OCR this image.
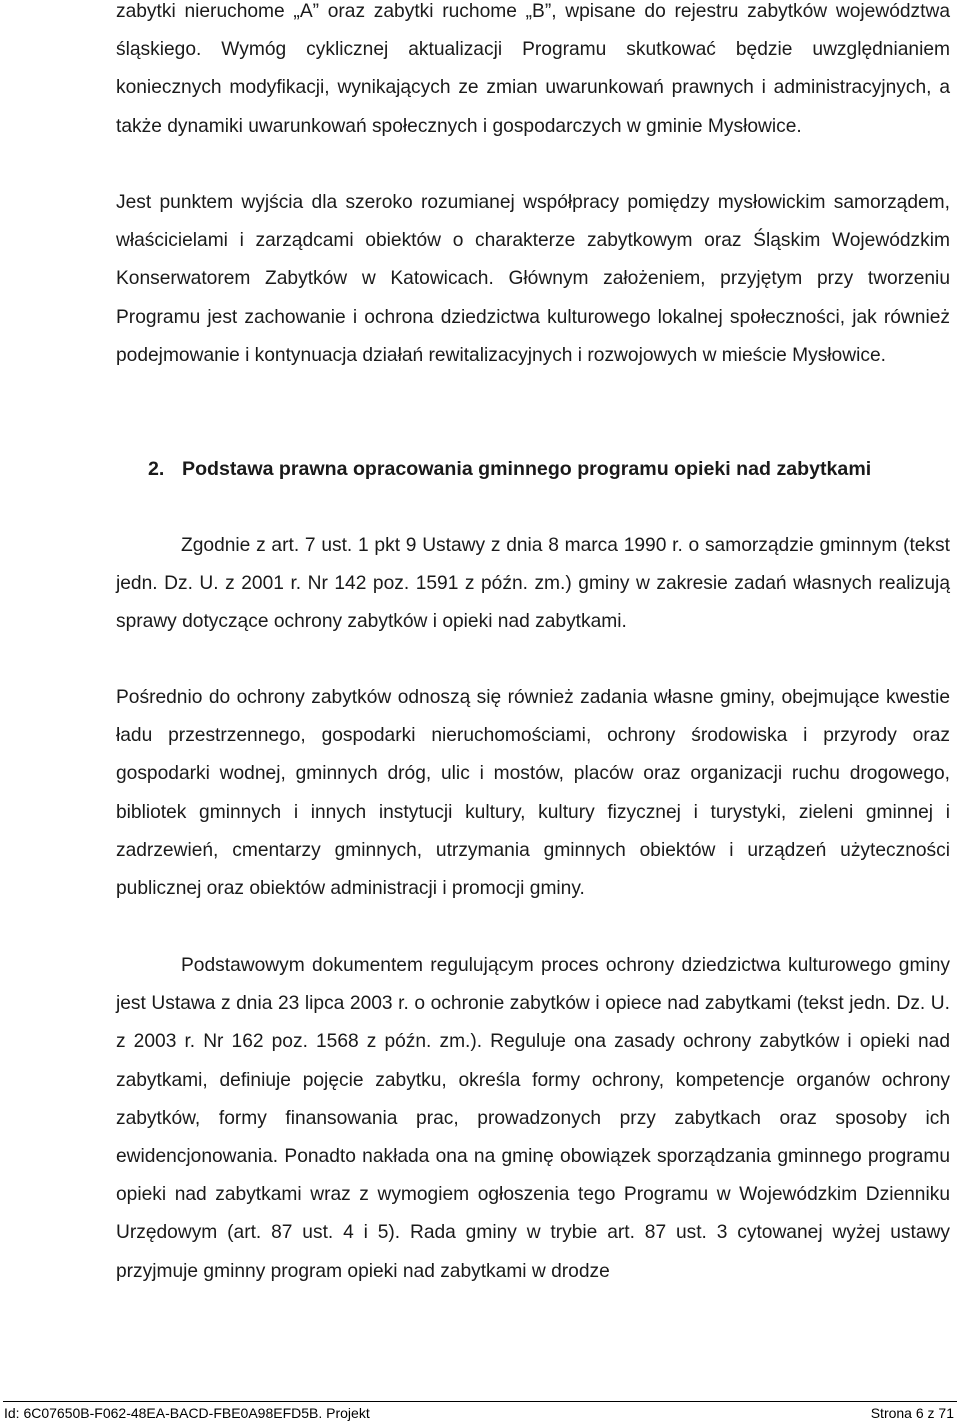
zabytki nieruchome „A” oraz zabytki ruchome „B”, wpisane do rejestru zabytków województwa śląskiego. Wymóg cyklicznej aktualizacji Programu skutkować będzie uwzględnianiem koniecznych modyfikacji, wynikających ze zmian uwarunkowań prawnych i administracyjnych, a także dynamiki uwarunkowań społecznych i gospodarczych w gminie Mysłowice.

Jest punktem wyjścia dla szeroko rozumianej współpracy pomiędzy mysłowickim samorządem, właścicielami i zarządcami obiektów o charakterze zabytkowym oraz Śląskim Wojewódzkim Konserwatorem Zabytków w Katowicach. Głównym założeniem, przyjętym przy tworzeniu Programu jest zachowanie i ochrona dziedzictwa kulturowego lokalnej społeczności, jak również podejmowanie i kontynuacja działań rewitalizacyjnych i rozwojowych w mieście Mysłowice.

2. Podstawa prawna opracowania gminnego programu opieki nad zabytkami

Zgodnie z art. 7 ust. 1 pkt 9 Ustawy z dnia 8 marca 1990 r. o samorządzie gminnym (tekst jedn. Dz. U. z 2001 r. Nr 142 poz. 1591 z późn. zm.) gminy w zakresie zadań własnych realizują sprawy dotyczące ochrony zabytków i opieki nad zabytkami.

Pośrednio do ochrony zabytków odnoszą się również zadania własne gminy, obejmujące kwestie ładu przestrzennego, gospodarki nieruchomościami, ochrony środowiska i przyrody oraz gospodarki wodnej, gminnych dróg, ulic i mostów, placów oraz organizacji ruchu drogowego, bibliotek gminnych i innych instytucji kultury, kultury fizycznej i turystyki, zieleni gminnej i zadrzewień, cmentarzy gminnych, utrzymania gminnych obiektów i urządzeń użyteczności publicznej oraz obiektów administracji i promocji gminy.

Podstawowym dokumentem regulującym proces ochrony dziedzictwa kulturowego gminy jest Ustawa z dnia 23 lipca 2003 r. o ochronie zabytków i opiece nad zabytkami (tekst jedn. Dz. U. z 2003 r. Nr 162 poz. 1568 z późn. zm.). Reguluje ona zasady ochrony zabytków i opieki nad zabytkami, definiuje pojęcie zabytku, określa formy ochrony, kompetencje organów ochrony zabytków, formy finansowania prac, prowadzonych przy zabytkach oraz sposoby ich ewidencjonowania. Ponadto nakłada ona na gminę obowiązek sporządzania gminnego programu opieki nad zabytkami wraz z wymogiem ogłoszenia tego Programu w Wojewódzkim Dzienniku Urzędowym (art. 87 ust. 4 i 5). Rada gminy w trybie art. 87 ust. 3 cytowanej wyżej ustawy przyjmuje gminny program opieki nad zabytkami w drodze

Id: 6C07650B-F062-48EA-BACD-FBE0A98EFD5B. Projekt	Strona 6 z 71
